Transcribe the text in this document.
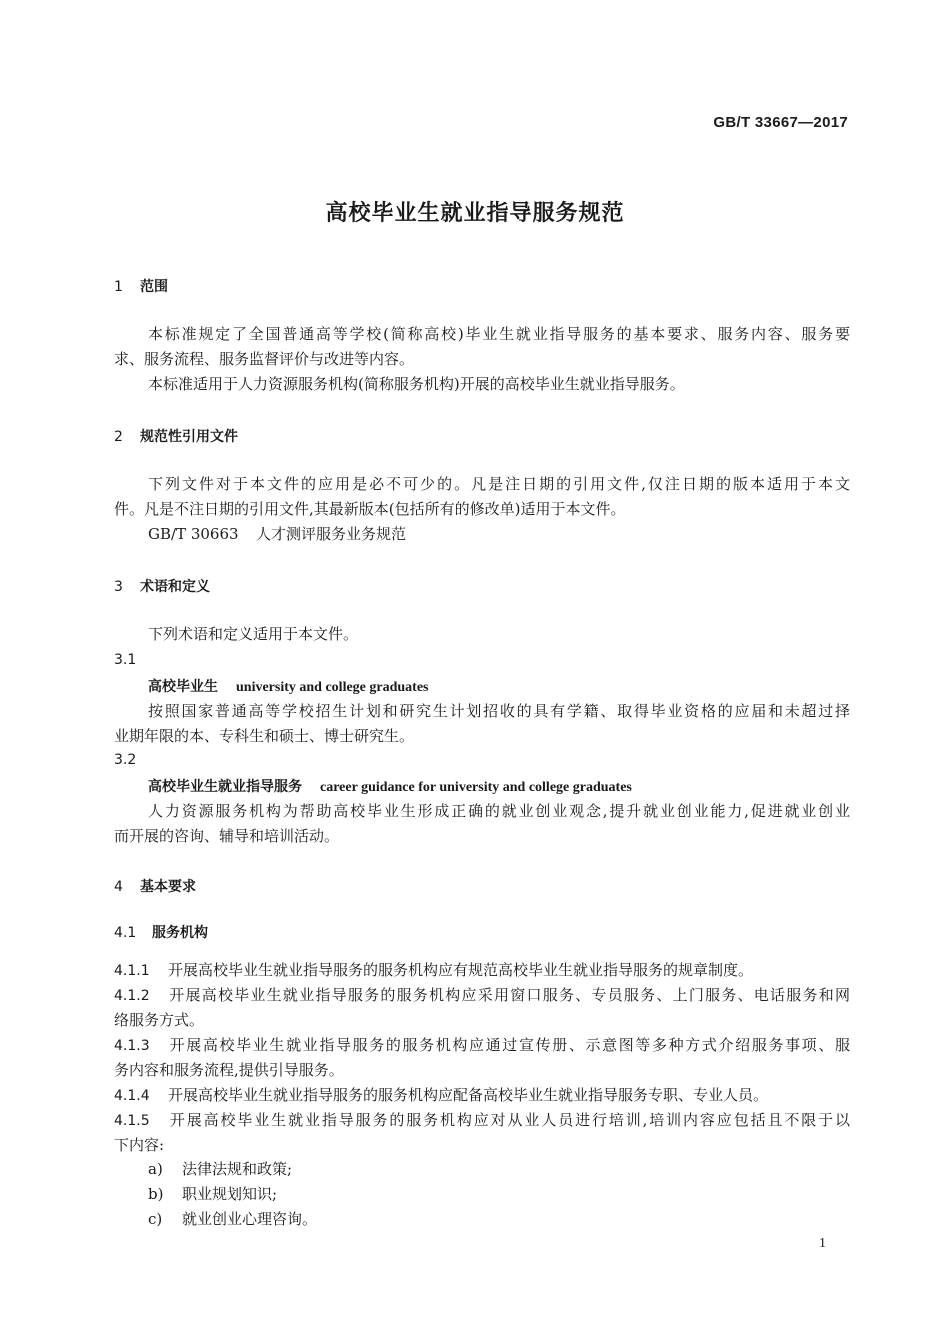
GB/T 33667—2017
高校毕业生就业指导服务规范
1 范围
本标准规定了全国普通高等学校(简称高校)毕业生就业指导服务的基本要求、服务内容、服务要
求、服务流程、服务监督评价与改进等内容。
本标准适用于人力资源服务机构(简称服务机构)开展的高校毕业生就业指导服务。
2 规范性引用文件
下列文件对于本文件的应用是必不可少的。凡是注日期的引用文件,仅注日期的版本适用于本文
件。凡是不注日期的引用文件,其最新版本(包括所有的修改单)适用于本文件。
GB/T 30663 人才测评服务业务规范
3 术语和定义
下列术语和定义适用于本文件。
3.1
高校毕业生 university and college graduates
按照国家普通高等学校招生计划和研究生计划招收的具有学籍、取得毕业资格的应届和未超过择
业期年限的本、专科生和硕士、博士研究生。
3.2
高校毕业生就业指导服务 career guidance for university and college graduates
人力资源服务机构为帮助高校毕业生形成正确的就业创业观念,提升就业创业能力,促进就业创业
而开展的咨询、辅导和培训活动。
4 基本要求
4.1 服务机构
4.1.1 开展高校毕业生就业指导服务的服务机构应有规范高校毕业生就业指导服务的规章制度。
4.1.2 开展高校毕业生就业指导服务的服务机构应采用窗口服务、专员服务、上门服务、电话服务和网
络服务方式。
4.1.3 开展高校毕业生就业指导服务的服务机构应通过宣传册、示意图等多种方式介绍服务事项、服
务内容和服务流程,提供引导服务。
4.1.4 开展高校毕业生就业指导服务的服务机构应配备高校毕业生就业指导服务专职、专业人员。
4.1.5 开展高校毕业生就业指导服务的服务机构应对从业人员进行培训,培训内容应包括且不限于以
下内容:
a) 法律法规和政策;
b) 职业规划知识;
c) 就业创业心理咨询。
1
